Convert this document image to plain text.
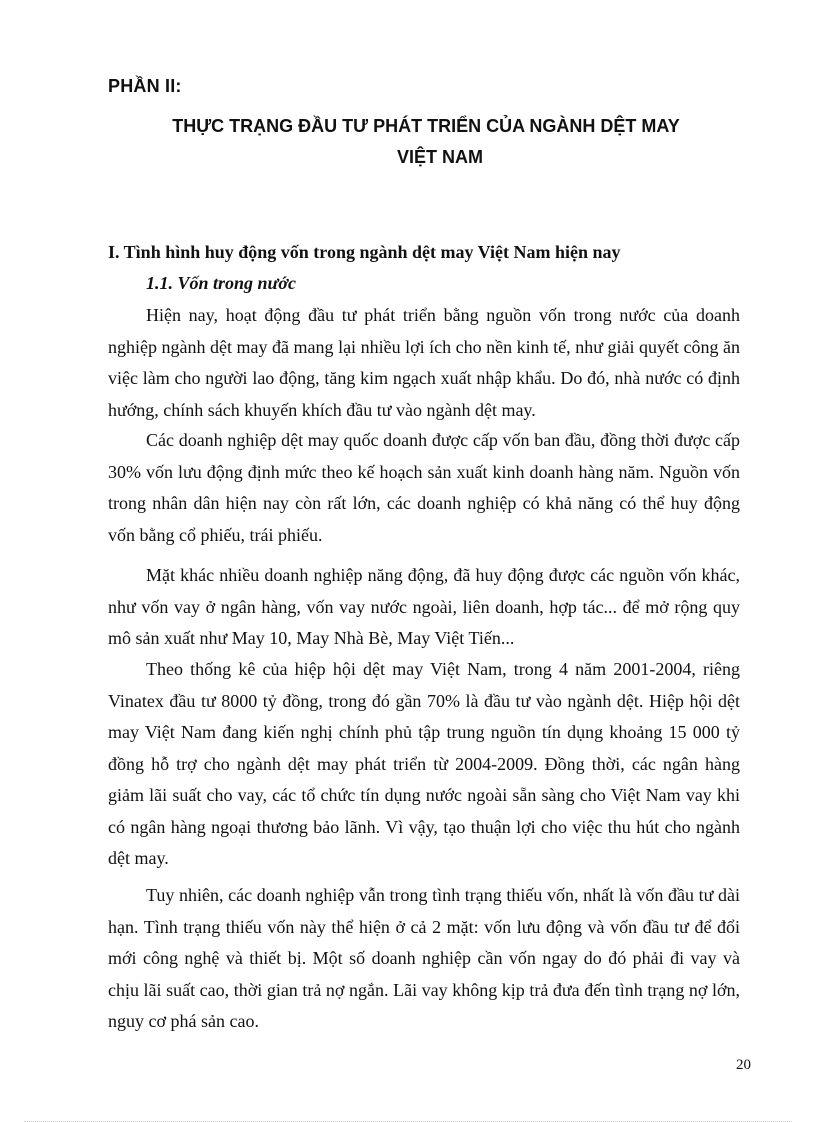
PHẦN II:
THỰC TRẠNG ĐẦU TƯ PHÁT TRIỂN CỦA NGÀNH DỆT MAY
VIỆT NAM
I. Tình hình huy động vốn trong ngành dệt may Việt Nam hiện nay
1.1. Vốn trong nước

Hiện nay, hoạt động đầu tư phát triển bằng nguồn vốn trong nước của doanh nghiệp ngành dệt may đã mang lại nhiều lợi ích cho nền kinh tế, như giải quyết công ăn việc làm cho người lao động, tăng kim ngạch xuất nhập khẩu. Do đó, nhà nước có định hướng, chính sách khuyến khích đầu tư vào ngành dệt may.

Các doanh nghiệp dệt may quốc doanh được cấp vốn ban đầu, đồng thời được cấp 30% vốn lưu động định mức theo kế hoạch sản xuất kinh doanh hàng năm. Nguồn vốn trong nhân dân hiện nay còn rất lớn, các doanh nghiệp có khả năng có thể huy động vốn bằng cổ phiếu, trái phiếu.

Mặt khác nhiều doanh nghiệp năng động, đã huy động được các nguồn vốn khác, như vốn vay ở ngân hàng, vốn vay nước ngoài, liên doanh, hợp tác... để mở rộng quy mô sản xuất như May 10, May Nhà Bè, May Việt Tiến...

Theo thống kê của hiệp hội dệt may Việt Nam, trong 4 năm 2001-2004, riêng Vinatex đầu tư 8000 tỷ đồng, trong đó gần 70% là đầu tư vào ngành dệt. Hiệp hội dệt may Việt Nam đang kiến nghị chính phủ tập trung nguồn tín dụng khoảng 15 000 tỷ đồng hỗ trợ cho ngành dệt may phát triển từ 2004-2009. Đồng thời, các ngân hàng giảm lãi suất cho vay, các tổ chức tín dụng nước ngoài sẵn sàng cho Việt Nam vay khi có ngân hàng ngoại thương bảo lãnh. Vì vậy, tạo thuận lợi cho việc thu hút cho ngành dệt may.

Tuy nhiên, các doanh nghiệp vẫn trong tình trạng thiếu vốn, nhất là vốn đầu tư dài hạn. Tình trạng thiếu vốn này thể hiện ở cả 2 mặt: vốn lưu động và vốn đầu tư để đổi mới công nghệ và thiết bị. Một số doanh nghiệp cần vốn ngay do đó phải đi vay và chịu lãi suất cao, thời gian trả nợ ngắn. Lãi vay không kịp trả đưa đến tình trạng nợ lớn, nguy cơ phá sản cao.

20
